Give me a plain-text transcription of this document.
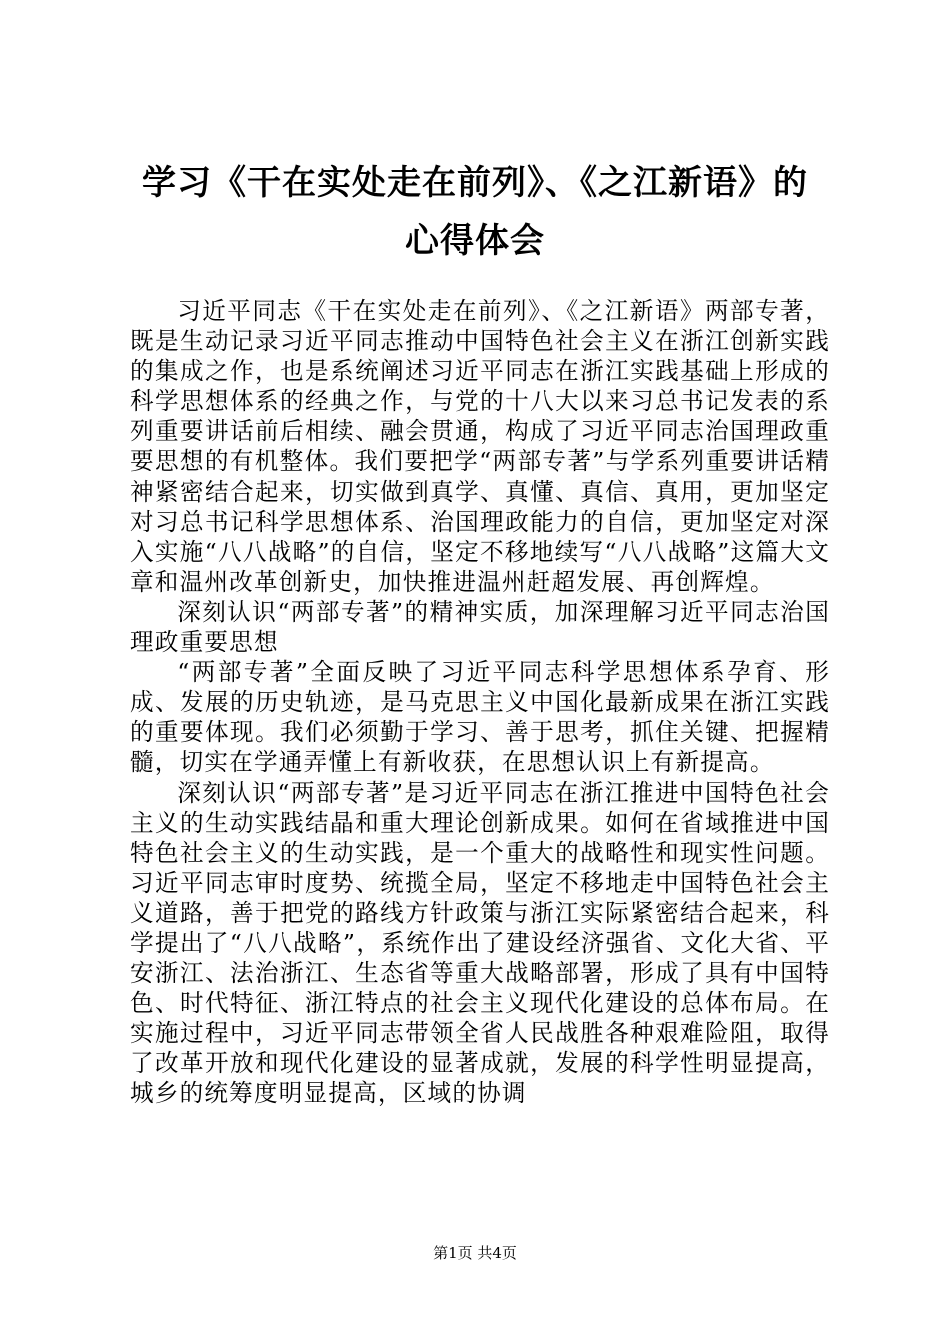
学习《干在实处走在前列》、《之江新语》的
心得体会

习近平同志《干在实处走在前列》、《之江新语》两部专著，既是生动记录习近平同志推动中国特色社会主义在浙江创新实践的集成之作，也是系统阐述习近平同志在浙江实践基础上形成的科学思想体系的经典之作，与党的十八大以来习总书记发表的系列重要讲话前后相续、融会贯通，构成了习近平同志治国理政重要思想的有机整体。我们要把学“两部专著”与学系列重要讲话精神紧密结合起来，切实做到真学、真懂、真信、真用，更加坚定对习总书记科学思想体系、治国理政能力的自信，更加坚定对深入实施“八八战略”的自信，坚定不移地续写“八八战略”这篇大文章和温州改革创新史，加快推进温州赶超发展、再创辉煌。

深刻认识“两部专著”的精神实质，加深理解习近平同志治国理政重要思想

“两部专著”全面反映了习近平同志科学思想体系孕育、形成、发展的历史轨迹，是马克思主义中国化最新成果在浙江实践的重要体现。我们必须勤于学习、善于思考，抓住关键、把握精髓，切实在学通弄懂上有新收获，在思想认识上有新提高。

深刻认识“两部专著”是习近平同志在浙江推进中国特色社会主义的生动实践结晶和重大理论创新成果。如何在省域推进中国特色社会主义的生动实践，是一个重大的战略性和现实性问题。习近平同志审时度势、统揽全局，坚定不移地走中国特色社会主义道路，善于把党的路线方针政策与浙江实际紧密结合起来，科学提出了“八八战略”，系统作出了建设经济强省、文化大省、平安浙江、法治浙江、生态省等重大战略部署，形成了具有中国特色、时代特征、浙江特点的社会主义现代化建设的总体布局。在实施过程中，习近平同志带领全省人民战胜各种艰难险阻，取得了改革开放和现代化建设的显著成就，发展的科学性明显提高，城乡的统筹度明显提高，区域的协调

第1页 共4页
